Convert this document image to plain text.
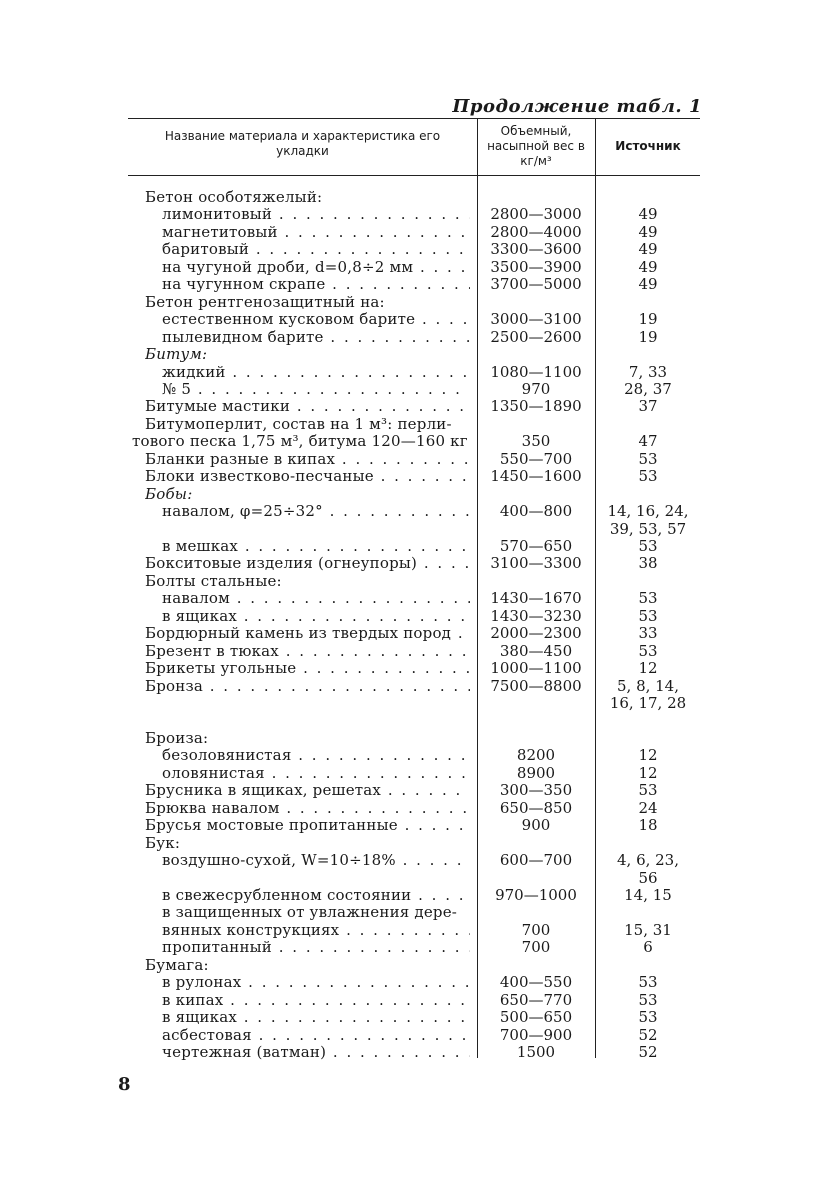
Продолжение табл. 1
Название материала и характеристика его укладки
Объемный, насыпной вес в кг/м³
Источник
Бетон особотяжелый:
лимонитовый . . .	2800—3000	49
магнетитовый . . .	2800—4000	49
баритовый . . .	3300—3600	49
на чугуной дроби, d=0,8÷2 мм . . .	3500—3900	49
на чугунном скрапе . . .	3700—5000	49
Бетон рентгенозащитный на:
естественном кусковом барите . . .	3000—3100	19
пылевидном барите . . .	2500—2600	19
Битум:
жидкий . . .	1080—1100	7, 33
№ 5 . . .	970	28, 37
Битумые мастики . . .	1350—1890	37
Битумоперлит, состав на 1 м³: перли-
тового песка 1,75 м³, битума 120—160 кг	350	47
Бланки разные в кипах . . .	550—700	53
Блоки известково-песчаные . . .	1450—1600	53
Бобы:
навалом, φ=25÷32° . . .	400—800	14, 16, 24,
39, 53, 57
в мешках . . .	570—650	53
Бокситовые изделия (огнеупоры) . . .	3100—3300	38
Болты стальные:
навалом . . .	1430—1670	53
в ящиках . . .	1430—3230	53
Бордюрный камень из твердых пород . . .	2000—2300	33
Брезент в тюках . . .	380—450	53
Брикеты угольные . . .	1000—1100	12
Бронза . . .	7500—8800	5, 8, 14,
16, 17, 28
Броиза:
безоловянистая . . .	8200	12
оловянистая . . .	8900	12
Брусника в ящиках, решетах . . .	300—350	53
Брюква навалом . . .	650—850	24
Брусья мостовые пропитанные . . .	900	18
Бук:
воздушно-сухой, W=10÷18% . . .	600—700	4, 6, 23,
56
в свежесрубленном состоянии . . .	970—1000	14, 15
в защищенных от увлажнения дере-
вянных конструкциях . . .	700	15, 31
пропитанный . . .	700	6
Бумага:
в рулонах . . .	400—550	53
в кипах . . .	650—770	53
в ящиках . . .	500—650	53
асбестовая . . .	700—900	52
чертежная (ватман) . . .	1500	52
8
